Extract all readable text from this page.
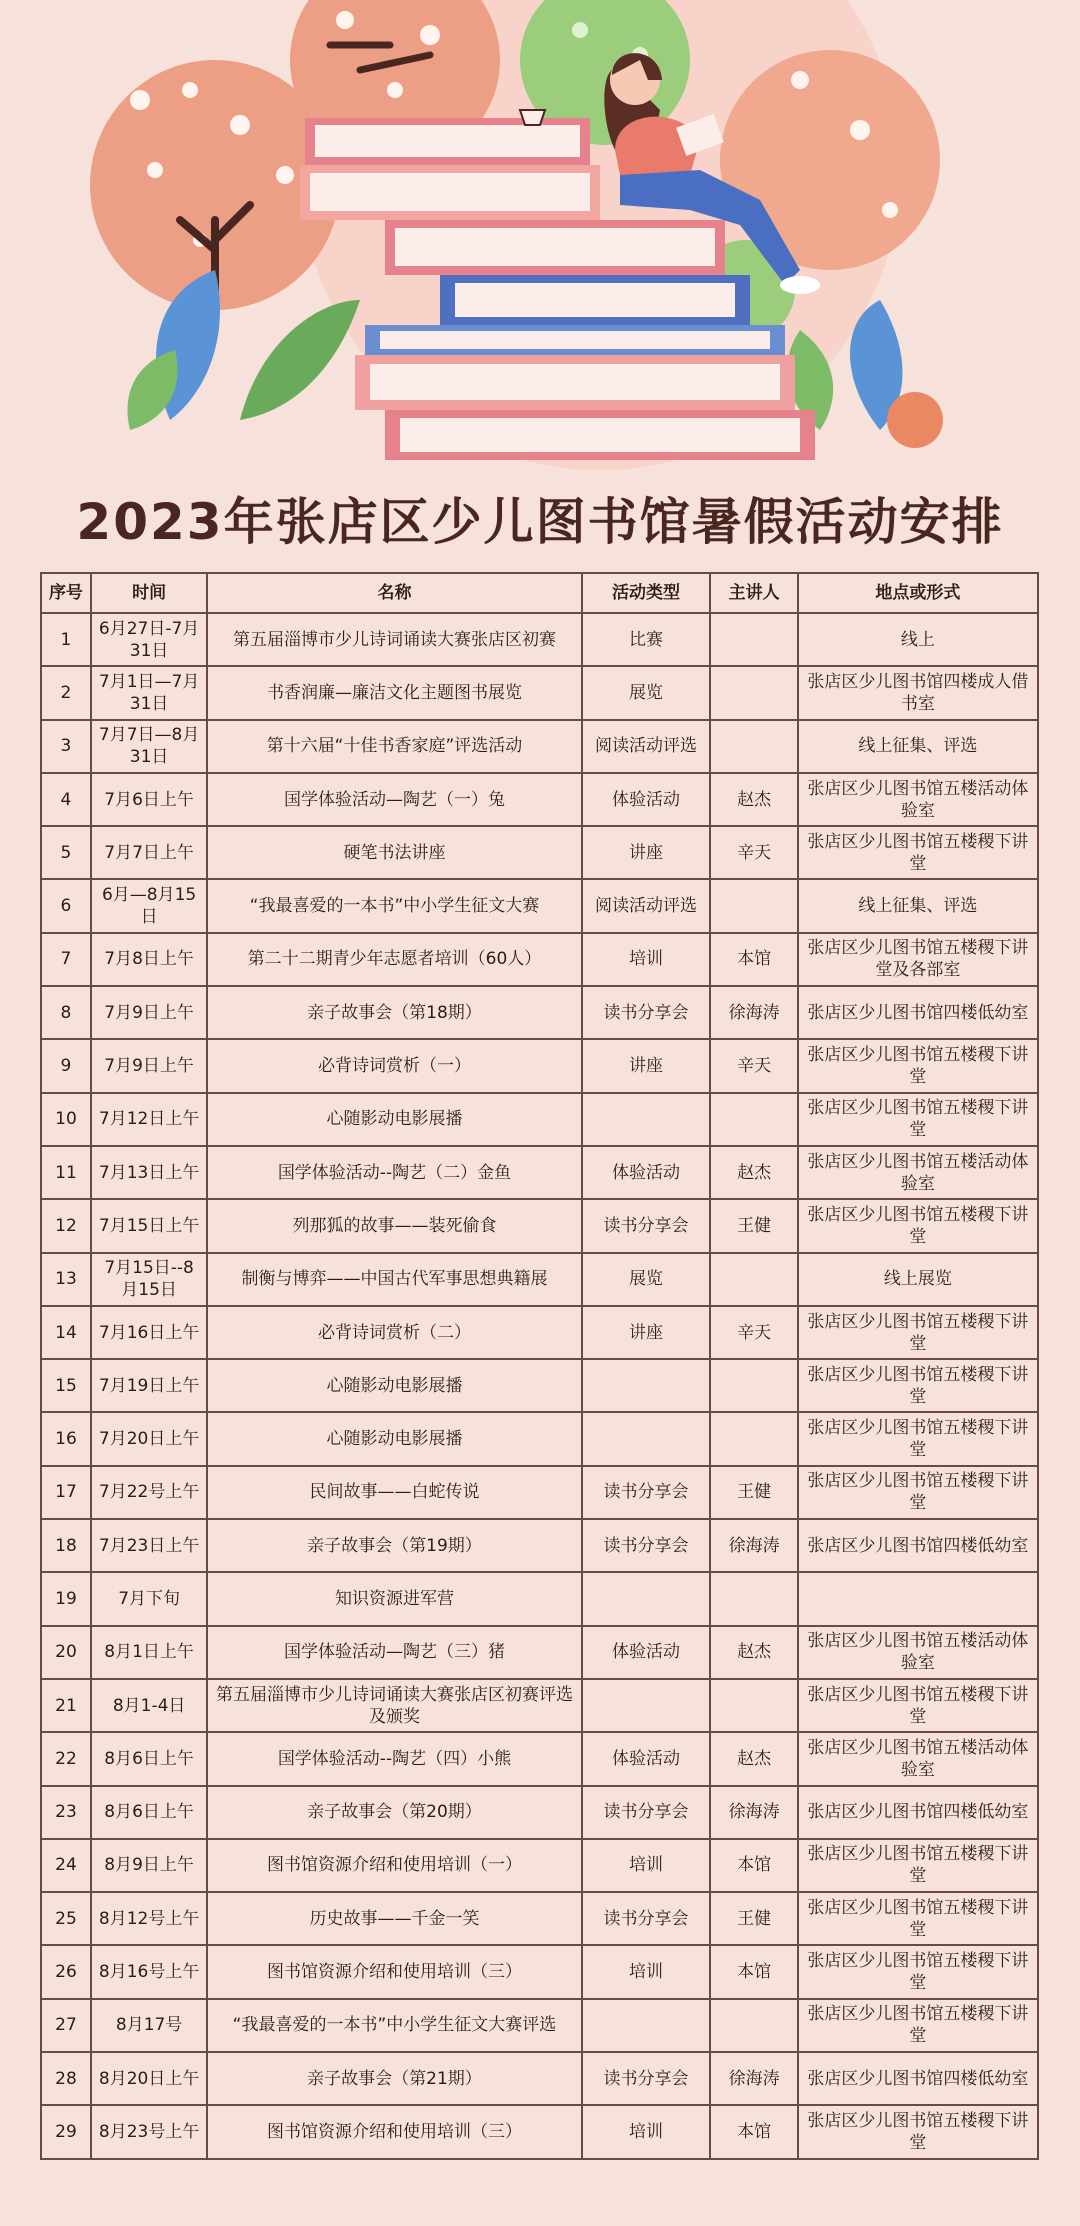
2023年张店区少儿图书馆暑假活动安排
序号	时间	名称	活动类型	主讲人	地点或形式
1	6月27日-7月31日	第五届淄博市少儿诗词诵读大赛张店区初赛	比赛		线上
2	7月1日—7月31日	书香润廉—廉洁文化主题图书展览	展览		张店区少儿图书馆四楼成人借书室
3	7月7日—8月31日	第十六届“十佳书香家庭”评选活动	阅读活动评选		线上征集、评选
4	7月6日上午	国学体验活动—陶艺（一）兔	体验活动	赵杰	张店区少儿图书馆五楼活动体验室
5	7月7日上午	硬笔书法讲座	讲座	辛天	张店区少儿图书馆五楼稷下讲堂
6	6月—8月15日	“我最喜爱的一本书”中小学生征文大赛	阅读活动评选		线上征集、评选
7	7月8日上午	第二十二期青少年志愿者培训（60人）	培训	本馆	张店区少儿图书馆五楼稷下讲堂及各部室
8	7月9日上午	亲子故事会（第18期）	读书分享会	徐海涛	张店区少儿图书馆四楼低幼室
9	7月9日上午	必背诗词赏析（一）	讲座	辛天	张店区少儿图书馆五楼稷下讲堂
10	7月12日上午	心随影动电影展播			张店区少儿图书馆五楼稷下讲堂
11	7月13日上午	国学体验活动--陶艺（二）金鱼	体验活动	赵杰	张店区少儿图书馆五楼活动体验室
12	7月15日上午	列那狐的故事——装死偷食	读书分享会	王健	张店区少儿图书馆五楼稷下讲堂
13	7月15日--8月15日	制衡与博弈——中国古代军事思想典籍展	展览		线上展览
14	7月16日上午	必背诗词赏析（二）	讲座	辛天	张店区少儿图书馆五楼稷下讲堂
15	7月19日上午	心随影动电影展播			张店区少儿图书馆五楼稷下讲堂
16	7月20日上午	心随影动电影展播			张店区少儿图书馆五楼稷下讲堂
17	7月22号上午	民间故事——白蛇传说	读书分享会	王健	张店区少儿图书馆五楼稷下讲堂
18	7月23日上午	亲子故事会（第19期）	读书分享会	徐海涛	张店区少儿图书馆四楼低幼室
19	7月下旬	知识资源进军营			
20	8月1日上午	国学体验活动—陶艺（三）猪	体验活动	赵杰	张店区少儿图书馆五楼活动体验室
21	8月1-4日	第五届淄博市少儿诗词诵读大赛张店区初赛评选及颁奖			张店区少儿图书馆五楼稷下讲堂
22	8月6日上午	国学体验活动--陶艺（四）小熊	体验活动	赵杰	张店区少儿图书馆五楼活动体验室
23	8月6日上午	亲子故事会（第20期）	读书分享会	徐海涛	张店区少儿图书馆四楼低幼室
24	8月9日上午	图书馆资源介绍和使用培训（一）	培训	本馆	张店区少儿图书馆五楼稷下讲堂
25	8月12号上午	历史故事——千金一笑	读书分享会	王健	张店区少儿图书馆五楼稷下讲堂
26	8月16号上午	图书馆资源介绍和使用培训（三）	培训	本馆	张店区少儿图书馆五楼稷下讲堂
27	8月17号	“我最喜爱的一本书”中小学生征文大赛评选			张店区少儿图书馆五楼稷下讲堂
28	8月20日上午	亲子故事会（第21期）	读书分享会	徐海涛	张店区少儿图书馆四楼低幼室
29	8月23号上午	图书馆资源介绍和使用培训（三）	培训	本馆	张店区少儿图书馆五楼稷下讲堂
